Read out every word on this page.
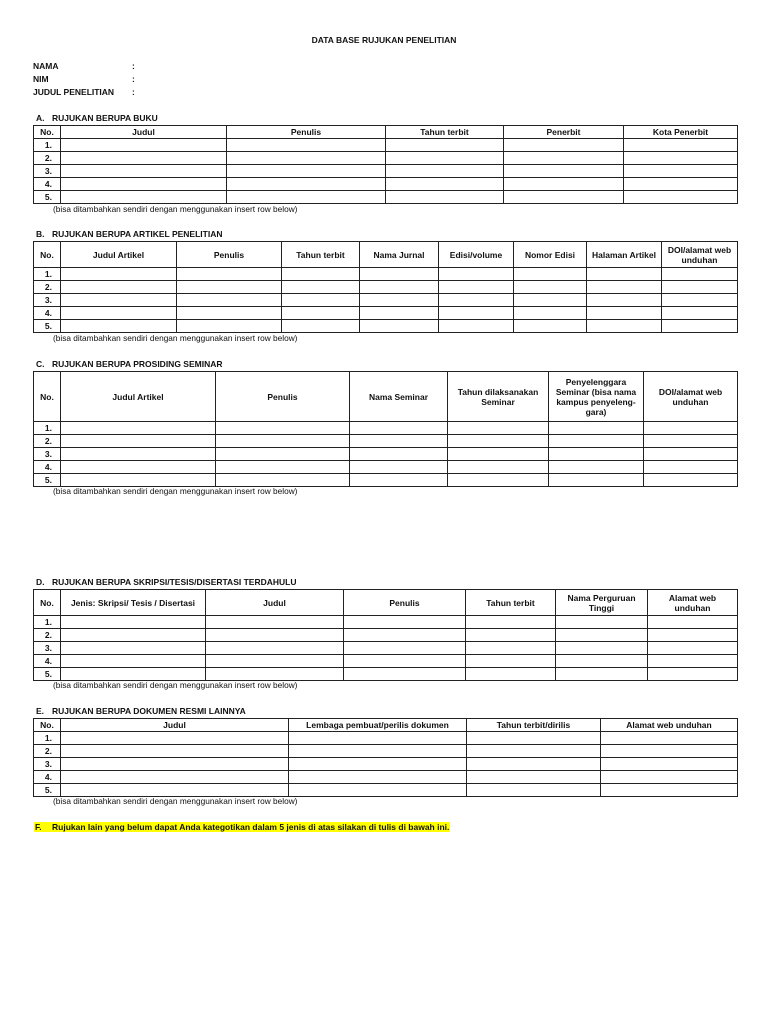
DATA BASE RUJUKAN PENELITIAN
NAMA	:
NIM	:
JUDUL PENELITIAN :
A. RUJUKAN BERUPA BUKU
No.	Judul	Penulis	Tahun terbit	Penerbit	Kota Penerbit
1.					
2.					
3.					
4.					
5.					
(bisa ditambahkan sendiri dengan menggunakan insert row below)
B. RUJUKAN BERUPA ARTIKEL PENELITIAN
No.	Judul Artikel	Penulis	Tahun terbit	Nama Jurnal	Edisi/volume	Nomor Edisi	Halaman Artikel	DOI/alamat web unduhan
1.								
2.								
3.								
4.								
5.								
(bisa ditambahkan sendiri dengan menggunakan insert row below)
C. RUJUKAN BERUPA PROSIDING SEMINAR
No.	Judul Artikel	Penulis	Nama Seminar	Tahun dilaksanakan Seminar	Penyelenggara Seminar (bisa nama kampus penyelenggara)	DOI/alamat web unduhan
1.						
2.						
3.						
4.						
5.						
(bisa ditambahkan sendiri dengan menggunakan insert row below)
D. RUJUKAN BERUPA SKRIPSI/TESIS/DISERTASI TERDAHULU
No.	Jenis: Skripsi/ Tesis / Disertasi	Judul	Penulis	Tahun terbit	Nama Perguruan Tinggi	Alamat web unduhan
1.						
2.						
3.						
4.						
5.						
(bisa ditambahkan sendiri dengan menggunakan insert row below)
E. RUJUKAN BERUPA DOKUMEN RESMI LAINNYA
No.	Judul	Lembaga pembuat/perilis dokumen	Tahun terbit/dirilis	Alamat web unduhan
1.				
2.				
3.				
4.				
5.				
(bisa ditambahkan sendiri dengan menggunakan insert row below)
F. Rujukan lain yang belum dapat Anda kategotikan dalam 5 jenis di atas silakan di tulis di bawah ini.
